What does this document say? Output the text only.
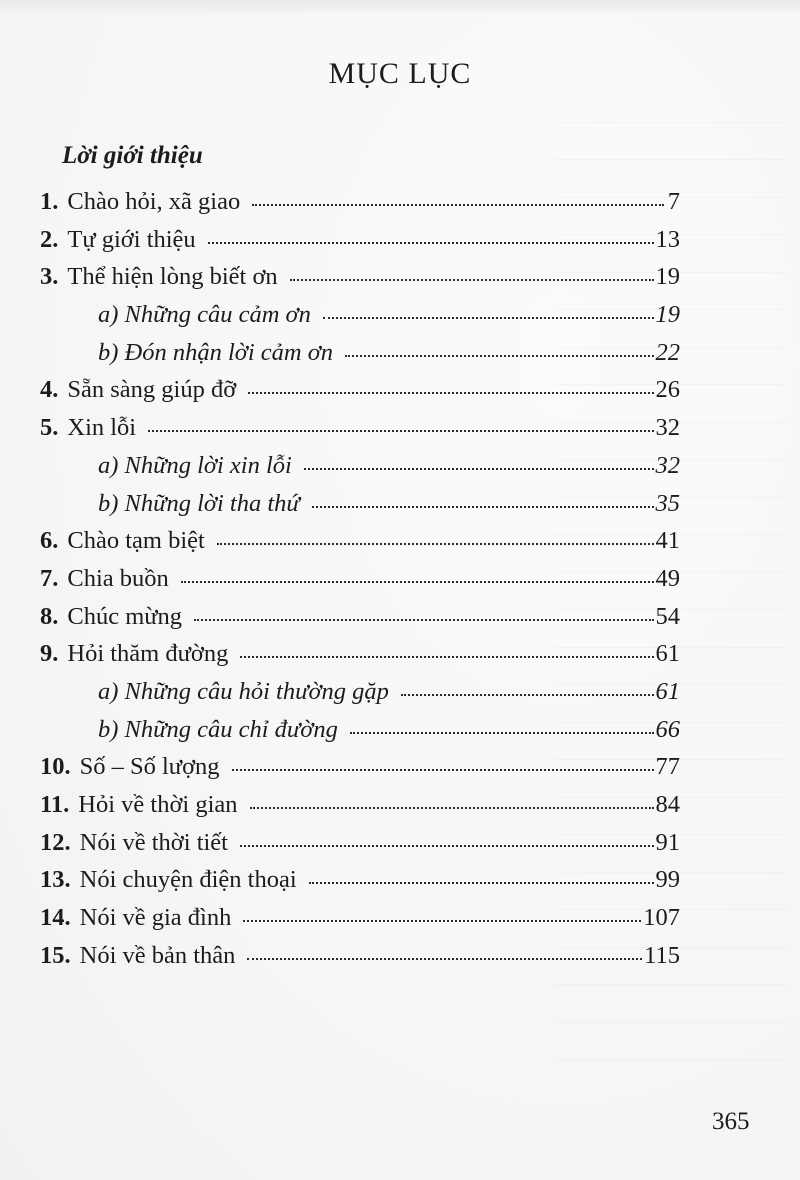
MỤC LỤC
Lời giới thiệu
1. Chào hỏi, xã giao	7
2. Tự giới thiệu	13
3. Thể hiện lòng biết ơn	19
a) Những câu cảm ơn	19
b) Đón nhận lời cảm ơn	22
4. Sẵn sàng giúp đỡ	26
5. Xin lỗi	32
a) Những lời xin lỗi	32
b) Những lời tha thứ	35
6. Chào tạm biệt	41
7. Chia buồn	49
8. Chúc mừng	54
9. Hỏi thăm đường	61
a) Những câu hỏi thường gặp	61
b) Những câu chỉ đường	66
10. Số – Số lượng	77
11. Hỏi về thời gian	84
12. Nói về thời tiết	91
13. Nói chuyện điện thoại	99
14. Nói về gia đình	107
15. Nói về bản thân	115
365
